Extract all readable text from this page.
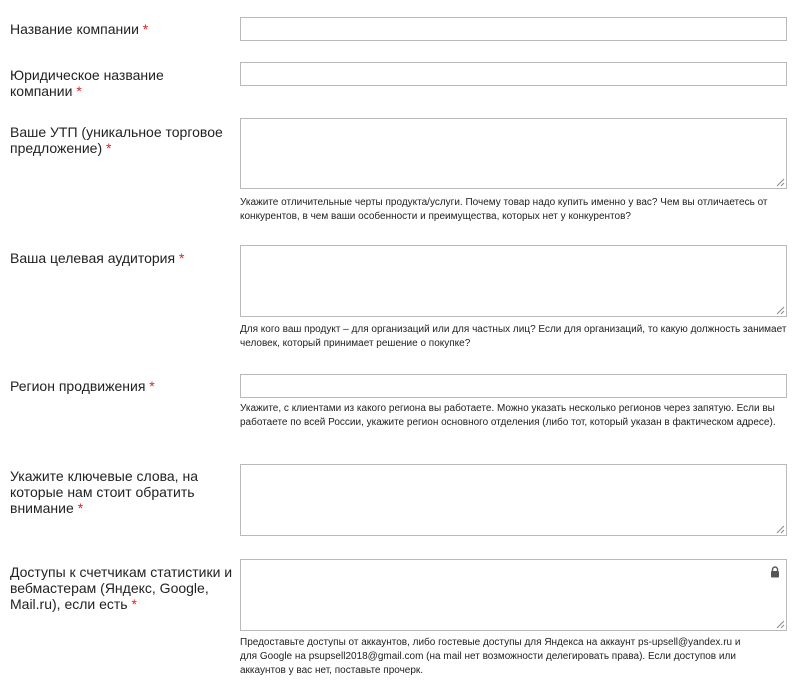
Название компании *
Юридическое название компании *
Ваше УТП (уникальное торговое предложение) *
Укажите отличительные черты продукта/услуги. Почему товар надо купить именно у вас? Чем вы отличаетесь от конкурентов, в чем ваши особенности и преимущества, которых нет у конкурентов?
Ваша целевая аудитория *
Для кого ваш продукт – для организаций или для частных лиц? Если для организаций, то какую должность занимает человек, который принимает решение о покупке?
Регион продвижения *
Укажите, с клиентами из какого региона вы работаете. Можно указать несколько регионов через запятую. Если вы работаете по всей России, укажите регион основного отделения (либо тот, который указан в фактическом адресе).
Укажите ключевые слова, на которые нам стоит обратить внимание *
Доступы к счетчикам статистики и вебмастерам (Яндекс, Google, Mail.ru), если есть *
Предоставьте доступы от аккаунтов, либо гостевые доступы для Яндекса на аккаунт ps-upsell@yandex.ru и для Google на psupsell2018@gmail.com (на mail нет возможности делегировать права). Если доступов или аккаунтов у вас нет, поставьте прочерк.
